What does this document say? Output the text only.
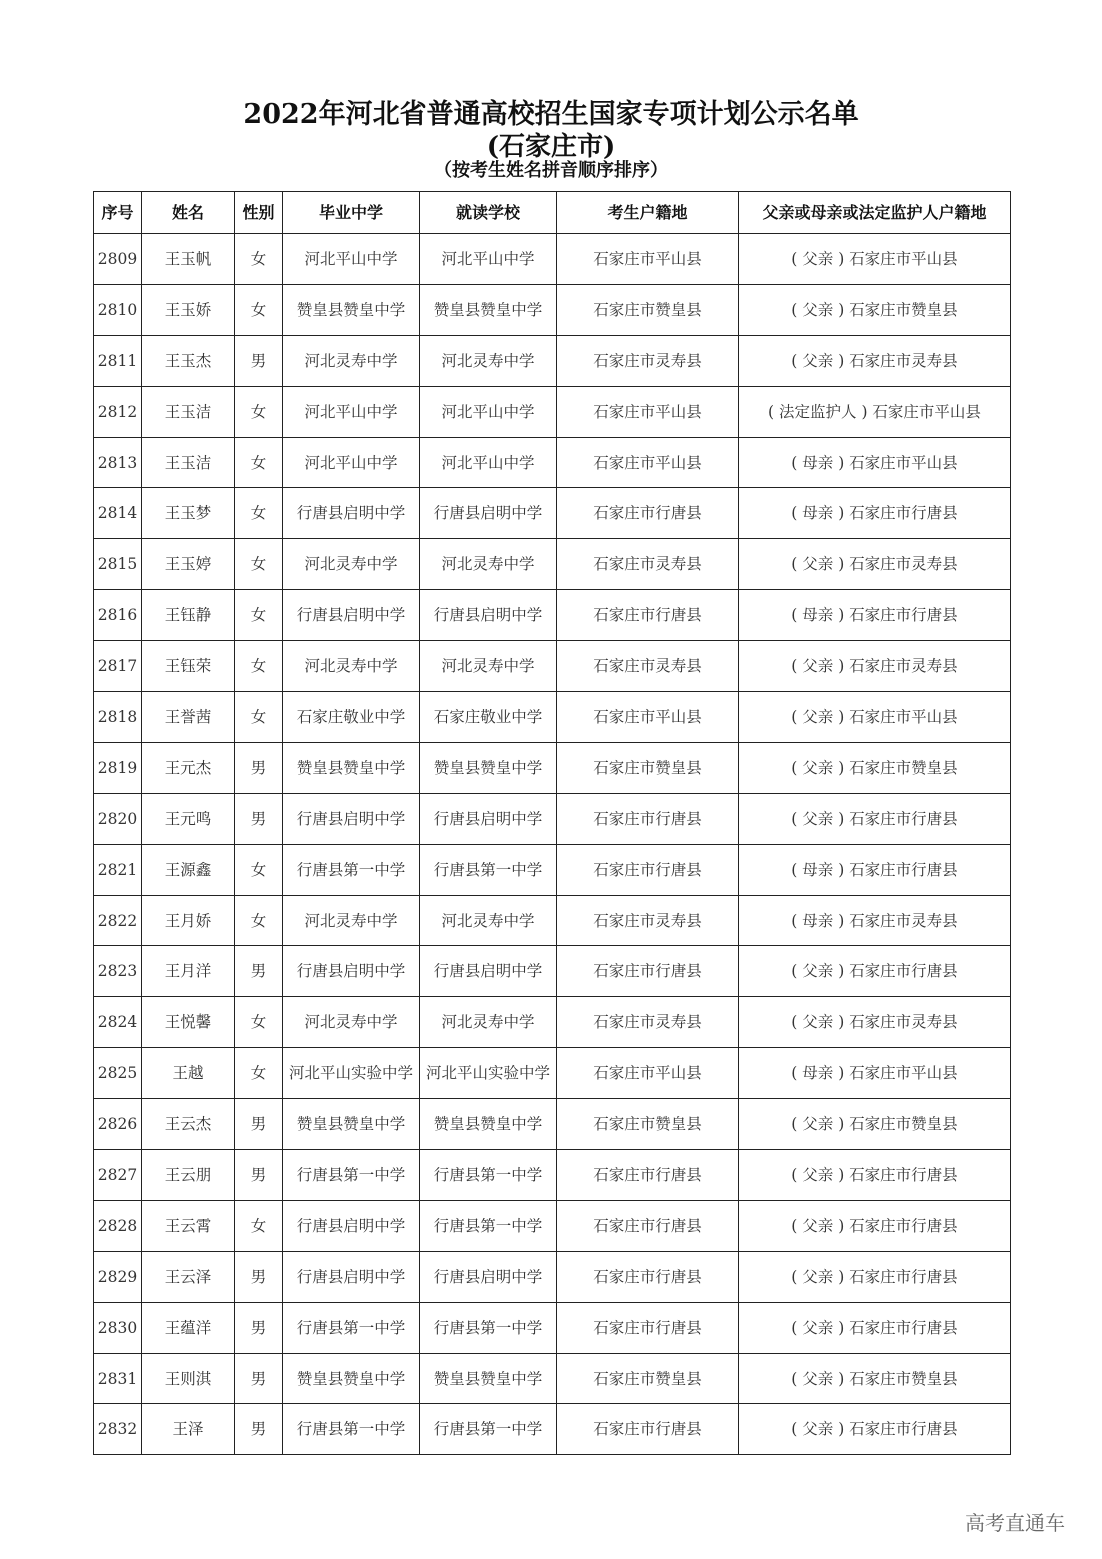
2022年河北省普通高校招生国家专项计划公示名单
(石家庄市)
（按考生姓名拼音顺序排序）
序号	姓名	性别	毕业中学	就读学校	考生户籍地	父亲或母亲或法定监护人户籍地
2809	王玉帆	女	河北平山中学	河北平山中学	石家庄市平山县	( 父亲 ) 石家庄市平山县
2810	王玉娇	女	赞皇县赞皇中学	赞皇县赞皇中学	石家庄市赞皇县	( 父亲 ) 石家庄市赞皇县
2811	王玉杰	男	河北灵寿中学	河北灵寿中学	石家庄市灵寿县	( 父亲 ) 石家庄市灵寿县
2812	王玉洁	女	河北平山中学	河北平山中学	石家庄市平山县	( 法定监护人 ) 石家庄市平山县
2813	王玉洁	女	河北平山中学	河北平山中学	石家庄市平山县	( 母亲 ) 石家庄市平山县
2814	王玉梦	女	行唐县启明中学	行唐县启明中学	石家庄市行唐县	( 母亲 ) 石家庄市行唐县
2815	王玉婷	女	河北灵寿中学	河北灵寿中学	石家庄市灵寿县	( 父亲 ) 石家庄市灵寿县
2816	王钰静	女	行唐县启明中学	行唐县启明中学	石家庄市行唐县	( 母亲 ) 石家庄市行唐县
2817	王钰荣	女	河北灵寿中学	河北灵寿中学	石家庄市灵寿县	( 父亲 ) 石家庄市灵寿县
2818	王誉茜	女	石家庄敬业中学	石家庄敬业中学	石家庄市平山县	( 父亲 ) 石家庄市平山县
2819	王元杰	男	赞皇县赞皇中学	赞皇县赞皇中学	石家庄市赞皇县	( 父亲 ) 石家庄市赞皇县
2820	王元鸣	男	行唐县启明中学	行唐县启明中学	石家庄市行唐县	( 父亲 ) 石家庄市行唐县
2821	王源鑫	女	行唐县第一中学	行唐县第一中学	石家庄市行唐县	( 母亲 ) 石家庄市行唐县
2822	王月娇	女	河北灵寿中学	河北灵寿中学	石家庄市灵寿县	( 母亲 ) 石家庄市灵寿县
2823	王月洋	男	行唐县启明中学	行唐县启明中学	石家庄市行唐县	( 父亲 ) 石家庄市行唐县
2824	王悦馨	女	河北灵寿中学	河北灵寿中学	石家庄市灵寿县	( 父亲 ) 石家庄市灵寿县
2825	王越	女	河北平山实验中学	河北平山实验中学	石家庄市平山县	( 母亲 ) 石家庄市平山县
2826	王云杰	男	赞皇县赞皇中学	赞皇县赞皇中学	石家庄市赞皇县	( 父亲 ) 石家庄市赞皇县
2827	王云朋	男	行唐县第一中学	行唐县第一中学	石家庄市行唐县	( 父亲 ) 石家庄市行唐县
2828	王云霄	女	行唐县启明中学	行唐县第一中学	石家庄市行唐县	( 父亲 ) 石家庄市行唐县
2829	王云泽	男	行唐县启明中学	行唐县启明中学	石家庄市行唐县	( 父亲 ) 石家庄市行唐县
2830	王蕴洋	男	行唐县第一中学	行唐县第一中学	石家庄市行唐县	( 父亲 ) 石家庄市行唐县
2831	王则淇	男	赞皇县赞皇中学	赞皇县赞皇中学	石家庄市赞皇县	( 父亲 ) 石家庄市赞皇县
2832	王泽	男	行唐县第一中学	行唐县第一中学	石家庄市行唐县	( 父亲 ) 石家庄市行唐县
高考直通车
